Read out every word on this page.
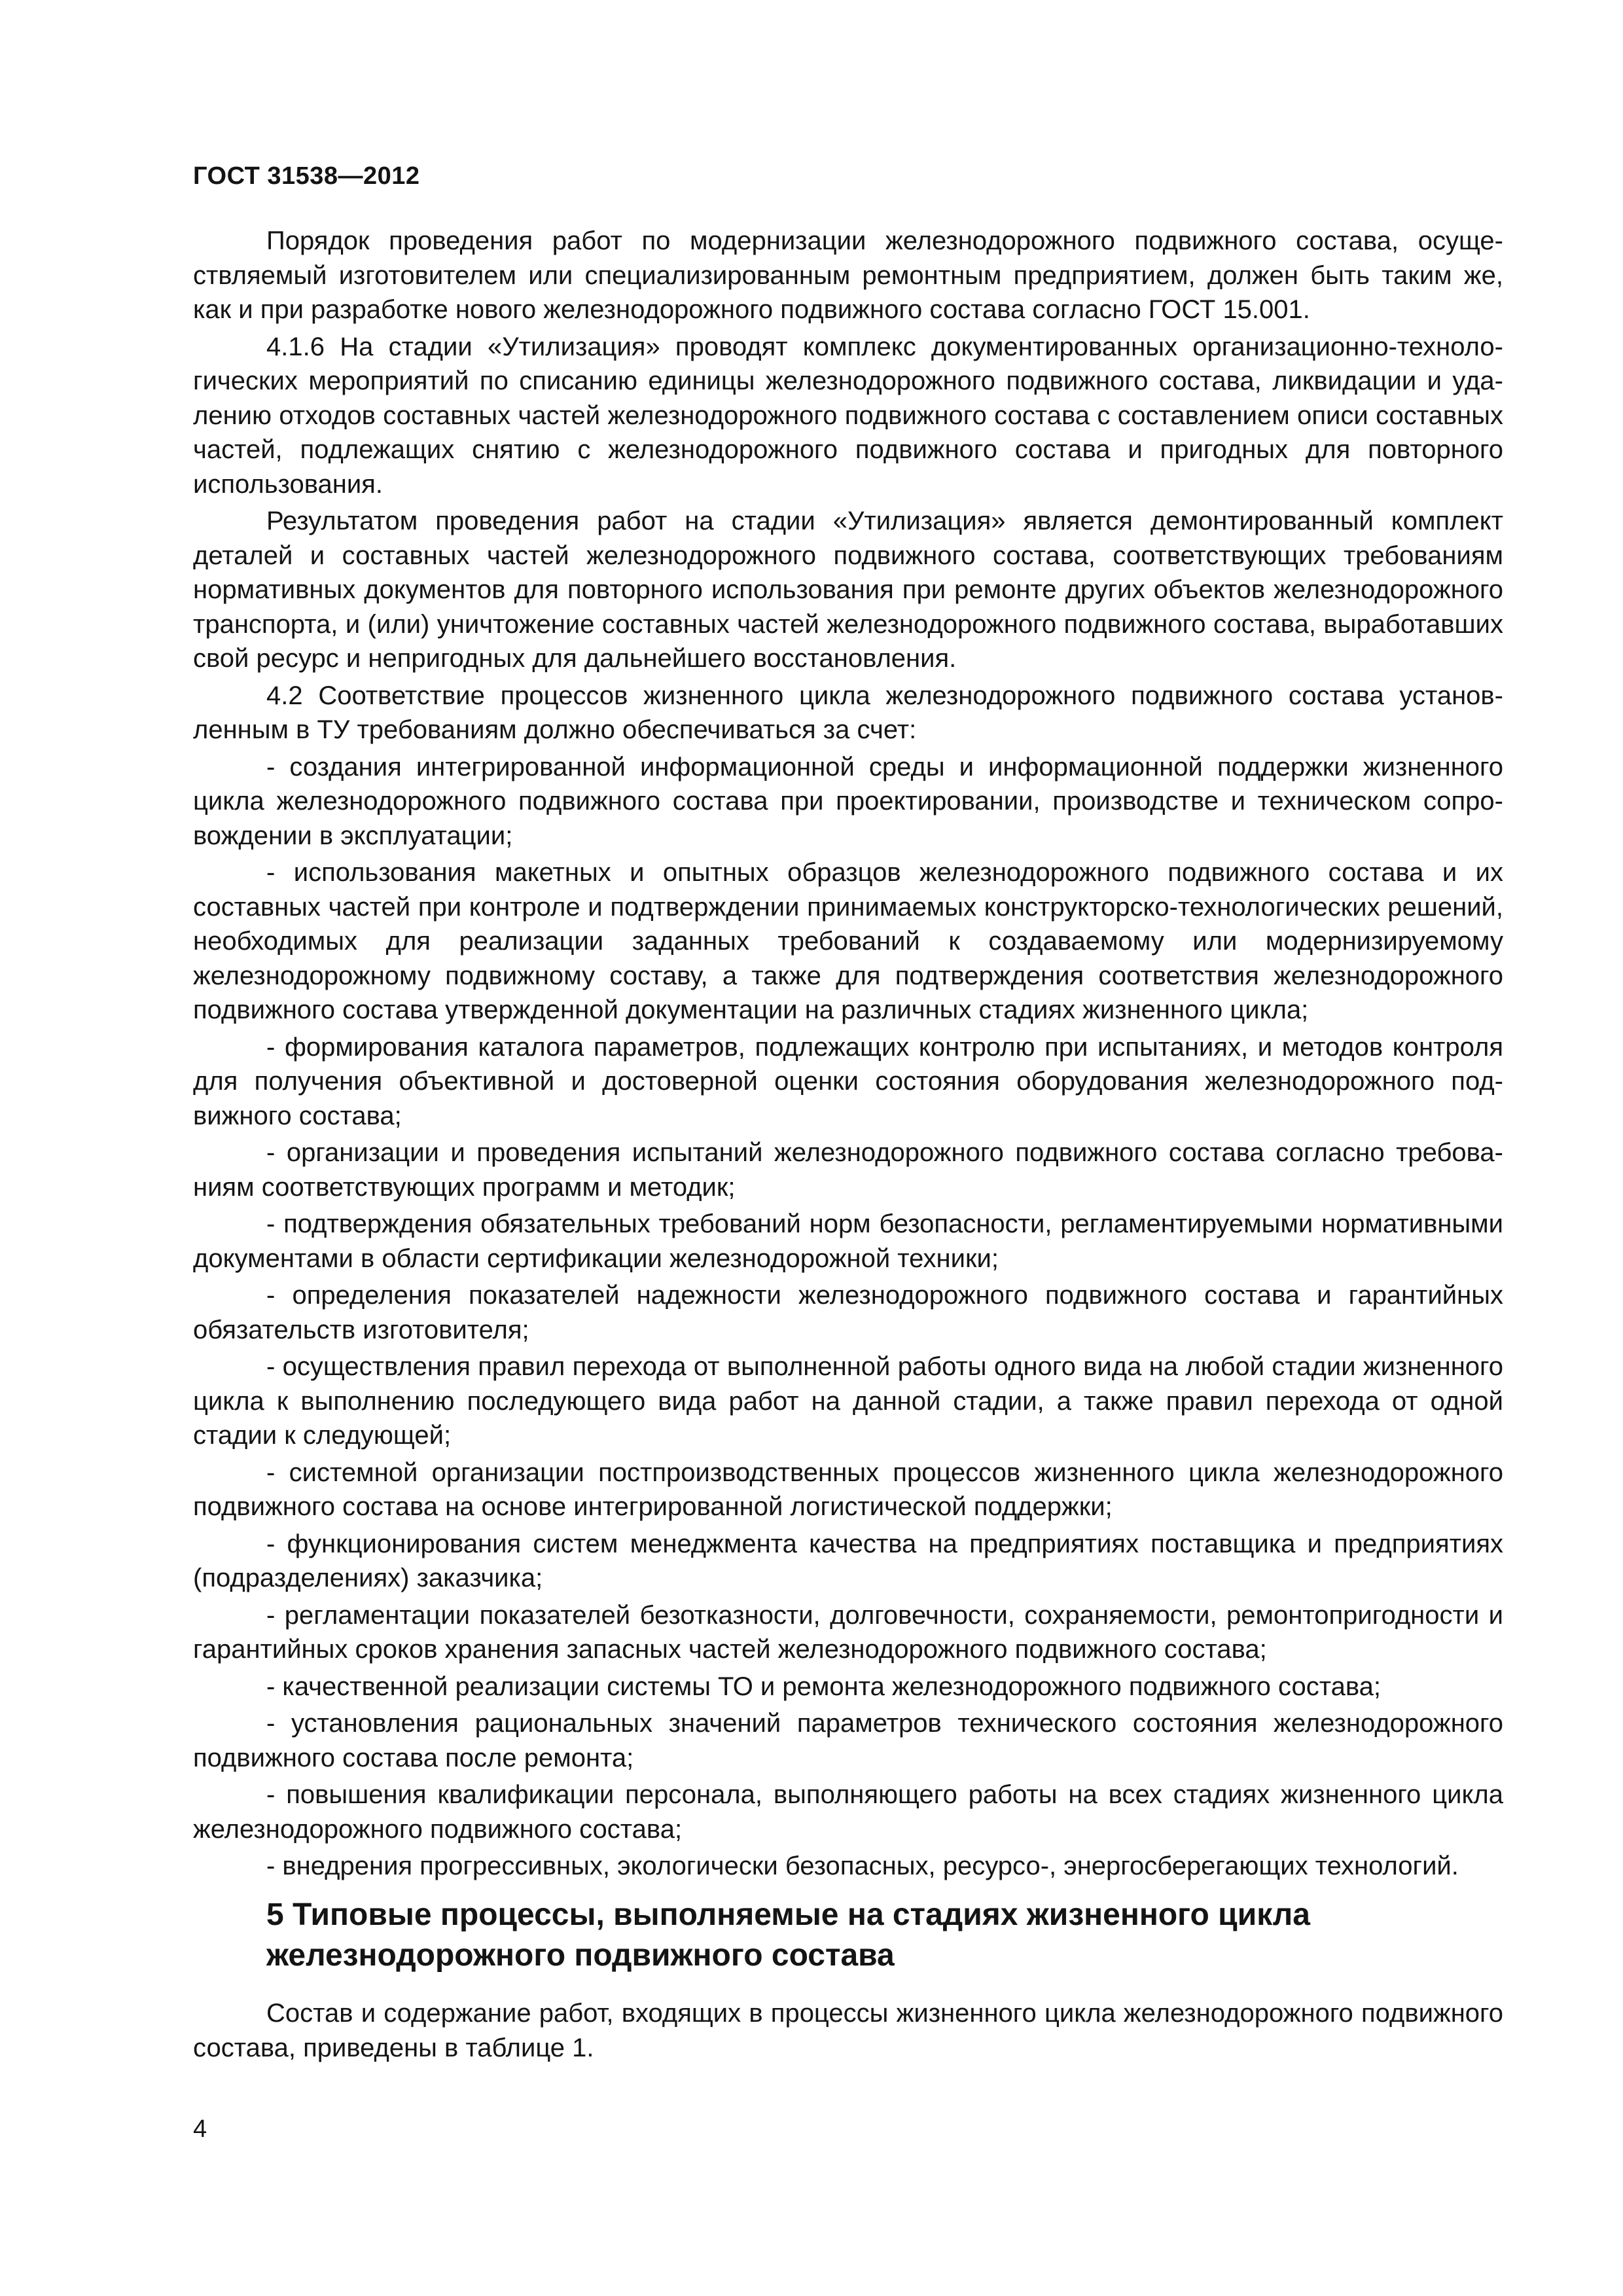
ГОСТ 31538—2012

Порядок проведения работ по модернизации железнодорожного подвижного состава, осуществляемый изготовителем или специализированным ремонтным предприятием, должен быть таким же, как и при разработке нового железнодорожного подвижного состава согласно ГОСТ 15.001.

4.1.6 На стадии «Утилизация» проводят комплекс документированных организационно-технологических мероприятий по списанию единицы железнодорожного подвижного состава, ликвидации и удалению отходов составных частей железнодорожного подвижного состава с составлением описи составных частей, подлежащих снятию с железнодорожного подвижного состава и пригодных для повторного использования.

Результатом проведения работ на стадии «Утилизация» является демонтированный комплект деталей и составных частей железнодорожного подвижного состава, соответствующих требованиям нормативных документов для повторного использования при ремонте других объектов железнодорожного транспорта, и (или) уничтожение составных частей железнодорожного подвижного состава, выработавших свой ресурс и непригодных для дальнейшего восстановления.

4.2 Соответствие процессов жизненного цикла железнодорожного подвижного состава установленным в ТУ требованиям должно обеспечиваться за счет:

- создания интегрированной информационной среды и информационной поддержки жизненного цикла железнодорожного подвижного состава при проектировании, производстве и техническом сопровождении в эксплуатации;

- использования макетных и опытных образцов железнодорожного подвижного состава и их составных частей при контроле и подтверждении принимаемых конструкторско-технологических решений, необходимых для реализации заданных требований к создаваемому или модернизируемому железнодорожному подвижному составу, а также для подтверждения соответствия железнодорожного подвижного состава утвержденной документации на различных стадиях жизненного цикла;

- формирования каталога параметров, подлежащих контролю при испытаниях, и методов контроля для получения объективной и достоверной оценки состояния оборудования железнодорожного подвижного состава;

- организации и проведения испытаний железнодорожного подвижного состава согласно требованиям соответствующих программ и методик;

- подтверждения обязательных требований норм безопасности, регламентируемыми нормативными документами в области сертификации железнодорожной техники;

- определения показателей надежности железнодорожного подвижного состава и гарантийных обязательств изготовителя;

- осуществления правил перехода от выполненной работы одного вида на любой стадии жизненного цикла к выполнению последующего вида работ на данной стадии, а также правил перехода от одной стадии к следующей;

- системной организации постпроизводственных процессов жизненного цикла железнодорожного подвижного состава на основе интегрированной логистической поддержки;

- функционирования систем менеджмента качества на предприятиях поставщика и предприятиях (подразделениях) заказчика;

- регламентации показателей безотказности, долговечности, сохраняемости, ремонтопригодности и гарантийных сроков хранения запасных частей железнодорожного подвижного состава;

- качественной реализации системы ТО и ремонта железнодорожного подвижного состава;

- установления рациональных значений параметров технического состояния железнодорожного подвижного состава после ремонта;

- повышения квалификации персонала, выполняющего работы на всех стадиях жизненного цикла железнодорожного подвижного состава;

- внедрения прогрессивных, экологически безопасных, ресурсо-, энергосберегающих технологий.

5 Типовые процессы, выполняемые на стадиях жизненного цикла
железнодорожного подвижного состава

Состав и содержание работ, входящих в процессы жизненного цикла железнодорожного подвижного состава, приведены в таблице 1.

4
